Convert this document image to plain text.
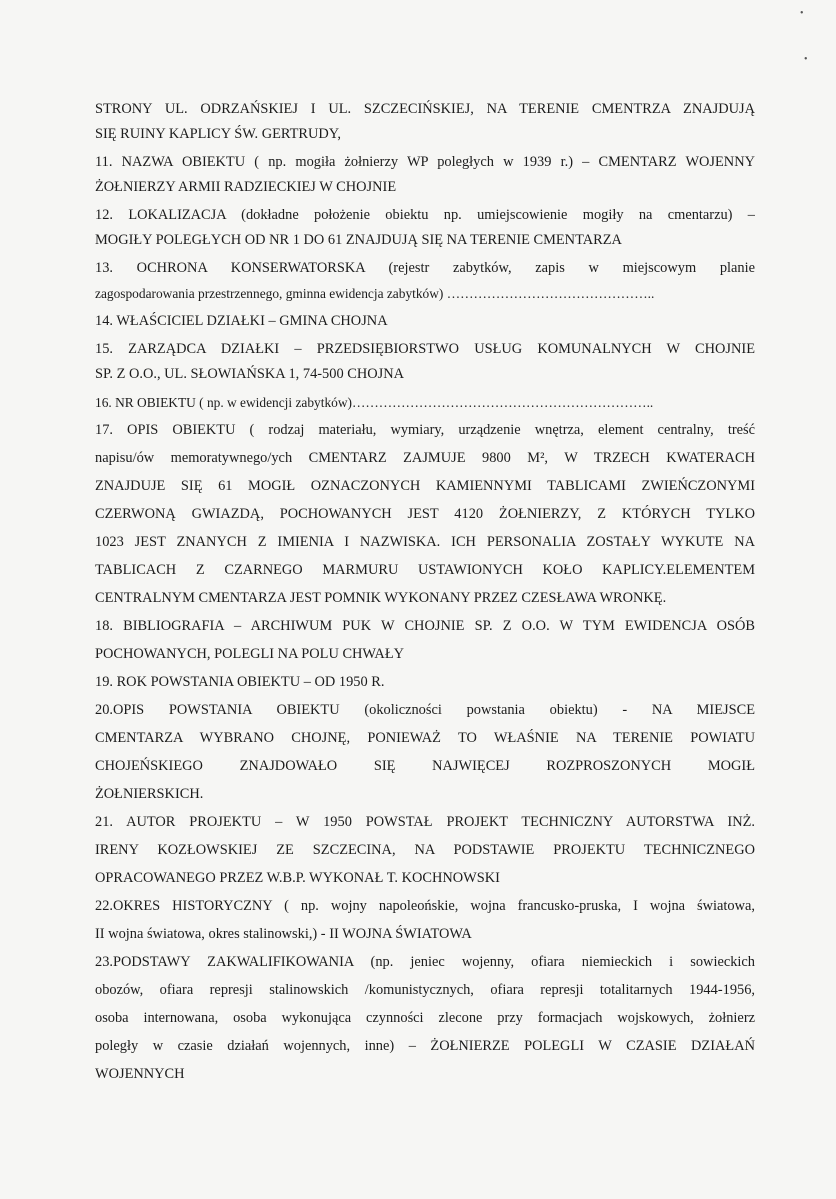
•
•
STRONY UL. ODRZAŃSKIEJ I UL. SZCZECIŃSKIEJ, NA TERENIE CMENTRZA ZNAJDUJĄ
SIĘ RUINY KAPLICY ŚW. GERTRUDY,
11. NAZWA OBIEKTU ( np. mogiła żołnierzy WP poległych w 1939 r.) – CMENTARZ WOJENNY
ŻOŁNIERZY ARMII RADZIECKIEJ W CHOJNIE
12. LOKALIZACJA (dokładne położenie obiektu np. umiejscowienie mogiły na cmentarzu) –
MOGIŁY POLEGŁYCH OD NR 1 DO 61 ZNAJDUJĄ SIĘ NA TERENIE CMENTARZA
13. OCHRONA KONSERWATORSKA (rejestr zabytków, zapis w miejscowym planie
zagospodarowania przestrzennego, gminna ewidencja zabytków) ………………………………………..
14. WŁAŚCICIEL DZIAŁKI – GMINA CHOJNA
15. ZARZĄDCA DZIAŁKI – PRZEDSIĘBIORSTWO USŁUG KOMUNALNYCH W CHOJNIE
SP. Z O.O., UL. SŁOWIAŃSKA 1, 74-500 CHOJNA
16. NR OBIEKTU ( np. w ewidencji zabytków)…………………………………………………………..
17. OPIS OBIEKTU ( rodzaj materiału, wymiary, urządzenie wnętrza, element centralny, treść
napisu/ów memoratywnego/ych CMENTARZ ZAJMUJE 9800 M², W TRZECH KWATERACH
ZNAJDUJE SIĘ 61 MOGIŁ OZNACZONYCH KAMIENNYMI TABLICAMI ZWIEŃCZONYMI
CZERWONĄ GWIAZDĄ, POCHOWANYCH JEST 4120 ŻOŁNIERZY, Z KTÓRYCH TYLKO
1023 JEST ZNANYCH Z IMIENIA I NAZWISKA. ICH PERSONALIA ZOSTAŁY WYKUTE NA
TABLICACH Z CZARNEGO MARMURU USTAWIONYCH KOŁO KAPLICY.ELEMENTEM
CENTRALNYM CMENTARZA JEST POMNIK WYKONANY PRZEZ CZESŁAWA WRONKĘ.
18. BIBLIOGRAFIA – ARCHIWUM PUK W CHOJNIE SP. Z O.O. W TYM EWIDENCJA OSÓB
POCHOWANYCH, POLEGLI NA POLU CHWAŁY
19. ROK POWSTANIA OBIEKTU – OD 1950 R.
20.OPIS POWSTANIA OBIEKTU (okoliczności powstania obiektu) - NA MIEJSCE
CMENTARZA WYBRANO CHOJNĘ, PONIEWAŻ TO WŁAŚNIE NA TERENIE POWIATU
CHOJEŃSKIEGO ZNAJDOWAŁO SIĘ NAJWIĘCEJ ROZPROSZONYCH MOGIŁ
ŻOŁNIERSKICH.
21. AUTOR PROJEKTU – W 1950 POWSTAŁ PROJEKT TECHNICZNY AUTORSTWA INŻ.
IRENY KOZŁOWSKIEJ ZE SZCZECINA, NA PODSTAWIE PROJEKTU TECHNICZNEGO
OPRACOWANEGO PRZEZ W.B.P. WYKONAŁ T. KOCHNOWSKI
22.OKRES HISTORYCZNY ( np. wojny napoleońskie, wojna francusko-pruska, I wojna światowa,
II wojna światowa, okres stalinowski,) - II WOJNA ŚWIATOWA
23.PODSTAWY ZAKWALIFIKOWANIA (np. jeniec wojenny, ofiara niemieckich i sowieckich
obozów, ofiara represji stalinowskich /komunistycznych, ofiara represji totalitarnych 1944-1956,
osoba internowana, osoba wykonująca czynności zlecone przy formacjach wojskowych, żołnierz
poległy w czasie działań wojennych, inne) – ŻOŁNIERZE POLEGLI W CZASIE DZIAŁAŃ
WOJENNYCH
